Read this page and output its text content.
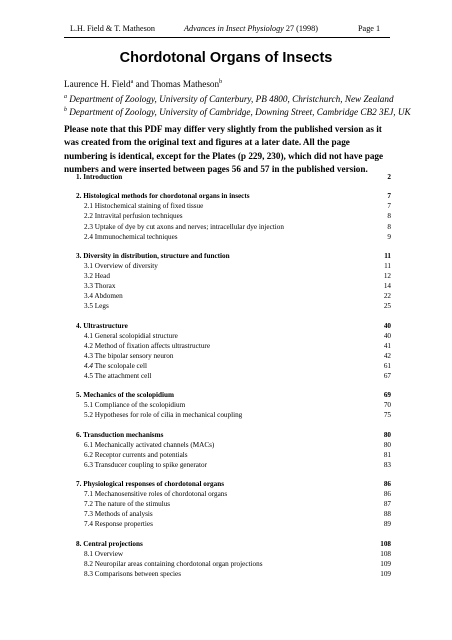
L.H. Field & T. Matheson	Advances in Insect Physiology 27 (1998)	Page 1
Chordotonal Organs of Insects
Laurence H. Field$^a$ and Thomas Matheson$^b$
$^a$ Department of Zoology, University of Canterbury, PB 4800, Christchurch, New Zealand
$^b$ Department of Zoology, University of Cambridge, Downing Street, Cambridge CB2 3EJ, UK
Please note that this PDF may differ very slightly from the published version as it was created from the original text and figures at a later date. All the page numbering is identical, except for the Plates (p 229, 230), which did not have page numbers and were inserted between pages 56 and 57 in the published version.
1. Introduction	2
2. Histological methods for chordotonal organs in insects	7
2.1 Histochemical staining of fixed tissue	7
2.2 Intravital perfusion techniques	8
2.3 Uptake of dye by cut axons and nerves; intracellular dye injection	8
2.4 Immunochemical techniques	9
3. Diversity in distribution, structure and function	11
3.1 Overview of diversity	11
3.2 Head	12
3.3 Thorax	14
3.4 Abdomen	22
3.5 Legs	25
4. Ultrastructure	40
4.1 General scolopidial structure	40
4.2 Method of fixation affects ultrastructure	41
4.3 The bipolar sensory neuron	42
4.4 The scolopale cell	61
4.5 The attachment cell	67
5. Mechanics of the scolopidium	69
5.1 Compliance of the scolopidium	70
5.2 Hypotheses for role of cilia in mechanical coupling	75
6. Transduction mechanisms	80
6.1 Mechanically activated channels (MACs)	80
6.2 Receptor currents and potentials	81
6.3 Transducer coupling to spike generator	83
7. Physiological responses of chordotonal organs	86
7.1 Mechanosensitive roles of chordotonal organs	86
7.2 The nature of the stimulus	87
7.3 Methods of analysis	88
7.4 Response properties	89
8. Central projections	108
8.1 Overview	108
8.2 Neuropilar areas containing chordotonal organ projections	109
8.3 Comparisons between species	109
